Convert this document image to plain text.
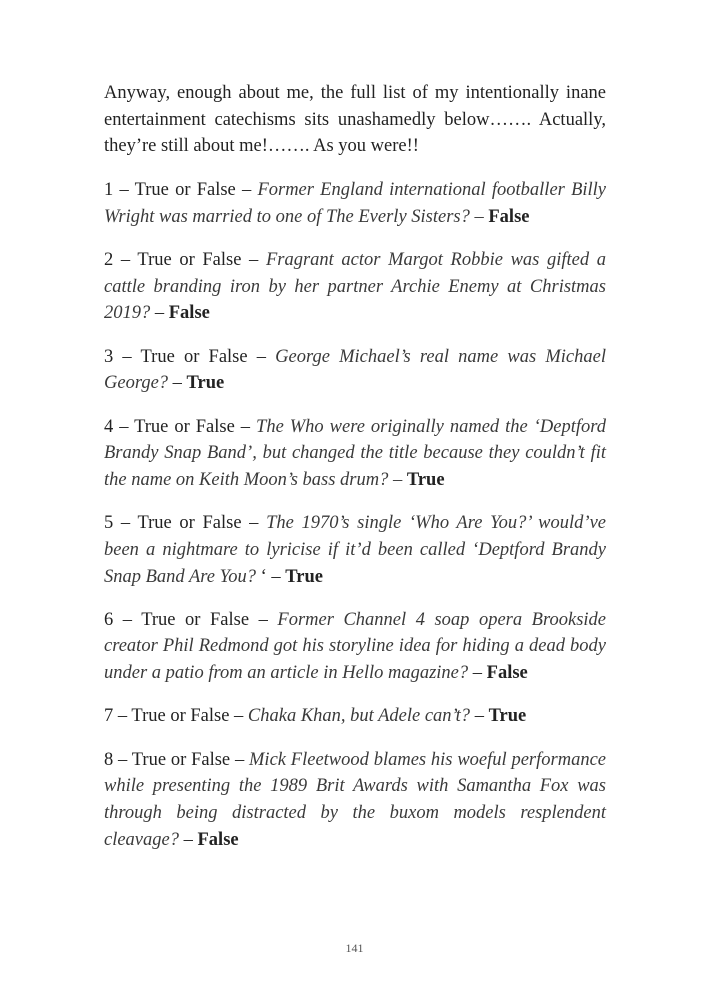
Anyway, enough about me, the full list of my intentionally inane entertainment catechisms sits unashamedly below……. Actually, they’re still about me!……. As you were!!

1 – True or False – Former England international footballer Billy Wright was married to one of The Everly Sisters? – False

2 – True or False – Fragrant actor Margot Robbie was gifted a cattle branding iron by her partner Archie Enemy at Christmas 2019? – False

3 – True or False – George Michael’s real name was Michael George? – True

4 – True or False – The Who were originally named the ‘Deptford Brandy Snap Band’, but changed the title because they couldn’t fit the name on Keith Moon’s bass drum? – True

5 – True or False – The 1970’s single ‘Who Are You?’ would’ve been a nightmare to lyricise if it’d been called ‘Deptford Brandy Snap Band Are You? ‘ – True

6 – True or False – Former Channel 4 soap opera Brookside creator Phil Redmond got his storyline idea for hiding a dead body under a patio from an article in Hello magazine? – False

7 – True or False – Chaka Khan, but Adele can’t? – True

8 – True or False – Mick Fleetwood blames his woeful performance while presenting the 1989 Brit Awards with Samantha Fox was through being distracted by the buxom models resplendent cleavage? – False

141
